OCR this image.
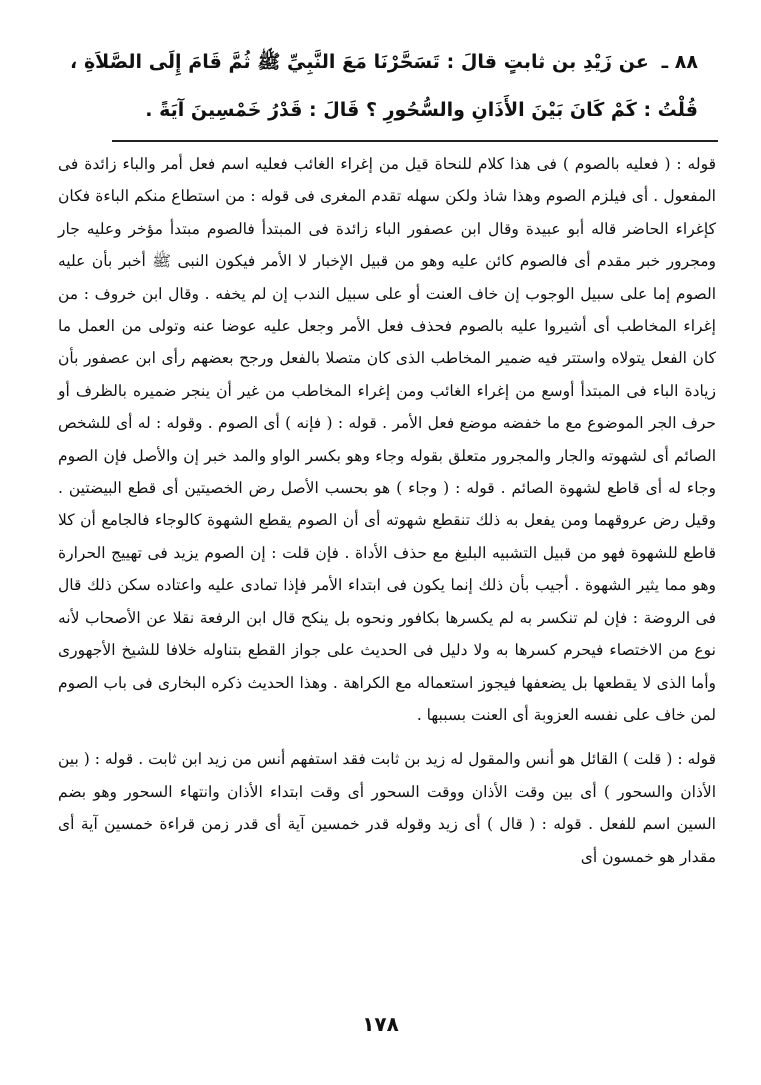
٨٨ ـ عن زَيْدِ بن ثابتٍ قالَ : تَسَحَّرْنَا مَعَ النَّبِيِّ ﷺ ثُمَّ قَامَ إِلَى الصَّلاَةِ ، قُلْتُ : كَمْ كَانَ بَيْنَ الأَذَانِ والسُّحُورِ ؟ قَالَ : قَدْرُ خَمْسِينَ آيَةً .

قوله : ( فعليه بالصوم ) فى هذا كلام للنحاة قيل من إغراء الغائب فعليه اسم فعل أمر والباء زائدة فى المفعول . أى فيلزم الصوم وهذا شاذ ولكن سهله تقدم المغرى فى قوله : من استطاع منكم الباءة فكان كإغراء الحاضر قاله أبو عبيدة وقال ابن عصفور الباء زائدة فى المبتدأ فالصوم مبتدأ مؤخر وعليه جار ومجرور خبر مقدم أى فالصوم كائن عليه وهو من قبيل الإخبار لا الأمر فيكون النبى ﷺ أخبر بأن عليه الصوم إما على سبيل الوجوب إن خاف العنت أو على سبيل الندب إن لم يخفه . وقال ابن خروف : من إغراء المخاطب أى أشيروا عليه بالصوم فحذف فعل الأمر وجعل عليه عوضا عنه وتولى من العمل ما كان الفعل يتولاه واستتر فيه ضمير المخاطب الذى كان متصلا بالفعل ورجح بعضهم رأى ابن عصفور بأن زيادة الباء فى المبتدأ أوسع من إغراء الغائب ومن إغراء المخاطب من غير أن ينجر ضميره بالظرف أو حرف الجر الموضوع مع ما خفضه موضع فعل الأمر . قوله : ( فإنه ) أى الصوم . وقوله : له أى للشخص الصائم أى لشهوته والجار والمجرور متعلق بقوله وجاء وهو بكسر الواو والمد خبر إن والأصل فإن الصوم وجاء له أى قاطع لشهوة الصائم . قوله : ( وجاء ) هو بحسب الأصل رض الخصيتين أى قطع البيضتين . وقيل رض عروقهما ومن يفعل به ذلك تنقطع شهوته أى أن الصوم يقطع الشهوة كالوجاء فالجامع أن كلا قاطع للشهوة فهو من قبيل التشبيه البليغ مع حذف الأداة . فإن قلت : إن الصوم يزيد فى تهييج الحرارة وهو مما يثير الشهوة . أجيب بأن ذلك إنما يكون فى ابتداء الأمر فإذا تمادى عليه واعتاده سكن ذلك قال فى الروضة : فإن لم تنكسر به لم يكسرها بكافور ونحوه بل ينكح قال ابن الرفعة نقلا عن الأصحاب لأنه نوع من الاختصاء فيحرم كسرها به ولا دليل فى الحديث على جواز القطع بتناوله خلافا للشيخ الأجهورى وأما الذى لا يقطعها بل يضعفها فيجوز استعماله مع الكراهة . وهذا الحديث ذكره البخارى فى باب الصوم لمن خاف على نفسه العزوبة أى العنت بسببها .

قوله : ( قلت ) القائل هو أنس والمقول له زيد بن ثابت فقد استفهم أنس من زيد ابن ثابت . قوله : ( بين الأذان والسحور ) أى بين وقت الأذان ووقت السحور أى وقت ابتداء الأذان وانتهاء السحور وهو بضم السين اسم للفعل . قوله : ( قال ) أى زيد وقوله قدر خمسين آية أى قدر زمن قراءة خمسين آية أى مقدار هو خمسون أى

١٧٨
